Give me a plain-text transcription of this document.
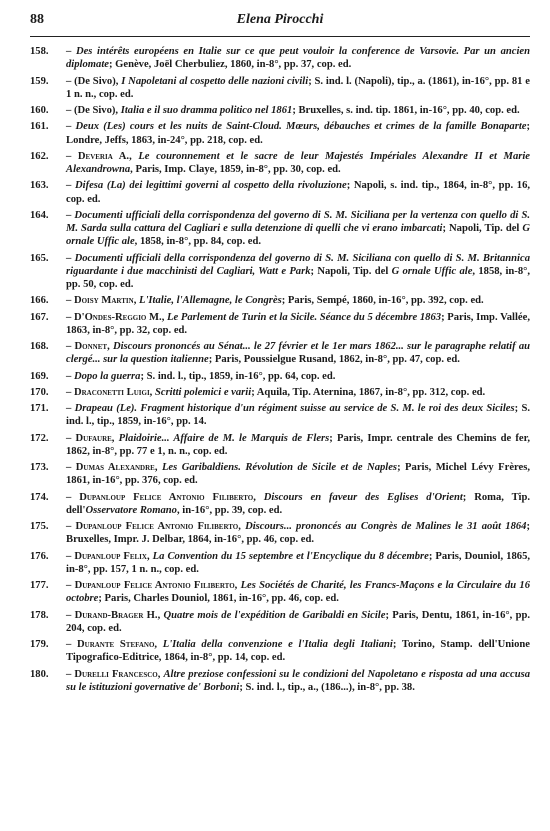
88	Elena Pirocchi
158.	– Des intérêts européens en Italie sur ce que peut vouloir la conference de Varsovie. Par un ancien diplomate; Genève, Joël Cherbuliez, 1860, in-8°, pp. 37, cop. ed.
159.	– (De Sivo), I Napoletani al cospetto delle nazioni civili; S. ind. l. (Napoli), tip., a. (1861), in-16°, pp. 81 e 1 n. n., cop. ed.
160.	– (De Sivo), Italia e il suo dramma politico nel 1861; Bruxelles, s. ind. tip. 1861, in-16°, pp. 40, cop. ed.
161.	– Deux (Les) cours et les nuits de Saint-Cloud. Mœurs, débauches et crimes de la famille Bonaparte; Londre, Jeffs, 1863, in-24°, pp. 218, cop. ed.
162.	– Deveria A., Le couronnement et le sacre de leur Majestés Impériales Alexandre II et Marie Alexandrowna, Paris, Imp. Claye, 1859, in-8°, pp. 30, cop. ed.
163.	– Difesa (La) dei legittimi governi al cospetto della rivoluzione; Napoli, s. ind. tip., 1864, in-8°, pp. 16, cop. ed.
164.	– Documenti ufficiali della corrispondenza del governo di S. M. Siciliana per la vertenza con quello di S. M. Sarda sulla cattura del Cagliari e sulla detenzione di quelli che vi erano imbarcati; Napoli, Tip. del G ornale Uffic ale, 1858, in-8°, pp. 84, cop. ed.
165.	– Documenti ufficiali della corrispondenza del governo di S. M. Siciliana con quello di S. M. Britannica riguardante i due macchinisti del Cagliari, Watt e Park; Napoli, Tip. del G ornale Uffic ale, 1858, in-8°, pp. 50, cop. ed.
166.	– Doisy Martin, L'Italie, l'Allemagne, le Congrès; Paris, Sempé, 1860, in-16°, pp. 392, cop. ed.
167.	– D'Ondes-Reggio M., Le Parlement de Turin et la Sicile. Séance du 5 décembre 1863; Paris, Imp. Vallée, 1863, in-8°, pp. 32, cop. ed.
168.	– Donnet, Discours prononcés au Sénat... le 27 février et le 1er mars 1862... sur le paragraphe relatif au clergé... sur la question italienne; Paris, Poussielgue Rusand, 1862, in-8°, pp. 47, cop. ed.
169.	– Dopo la guerra; S. ind. l., tip., 1859, in-16°, pp. 64, cop. ed.
170.	– Draconetti Luigi, Scritti polemici e varii; Aquila, Tip. Aternina, 1867, in-8°, pp. 312, cop. ed.
171.	– Drapeau (Le). Fragment historique d'un régiment suisse au service de S. M. le roi des deux Siciles; S. ind. l., tip., 1859, in-16°, pp. 14.
172.	– Dufaure, Plaidoirie... Affaire de M. le Marquis de Flers; Paris, Impr. centrale des Chemins de fer, 1862, in-8°, pp. 77 e 1, n. n., cop. ed.
173.	– Dumas Alexandre, Les Garibaldiens. Révolution de Sicile et de Naples; Paris, Michel Lévy Frères, 1861, in-16°, pp. 376, cop. ed.
174.	– Dupanloup Felice Antonio Filiberto, Discours en faveur des Eglises d'Orient; Roma, Tip. dell'Osservatore Romano, in-16°, pp. 39, cop. ed.
175.	– Dupanloup Felice Antonio Filiberto, Discours... prononcés au Congrès de Malines le 31 août 1864; Bruxelles, Impr. J. Delbar, 1864, in-16°, pp. 46, cop. ed.
176.	– Dupanloup Felix, La Convention du 15 septembre et l'Encyclique du 8 décembre; Paris, Douniol, 1865, in-8°, pp. 157, 1 n. n., cop. ed.
177.	– Dupanloup Felice Antonio Filiberto, Les Sociétés de Charité, les Francs-Maçons e la Circulaire du 16 octobre; Paris, Charles Douniol, 1861, in-16°, pp. 46, cop. ed.
178.	– Durand-Brager H., Quatre mois de l'expédition de Garibaldi en Sicile; Paris, Dentu, 1861, in-16°, pp. 204, cop. ed.
179.	– Durante Stefano, L'Italia della convenzione e l'Italia degli Italiani; Torino, Stamp. dell'Unione Tipografico-Editrice, 1864, in-8°, pp. 14, cop. ed.
180.	– Durelli Francesco, Altre preziose confessioni su le condizioni del Napoletano e risposta ad una accusa su le istituzioni governative de' Borboni; S. ind. l., tip., a., (186...), in-8°, pp. 38.
